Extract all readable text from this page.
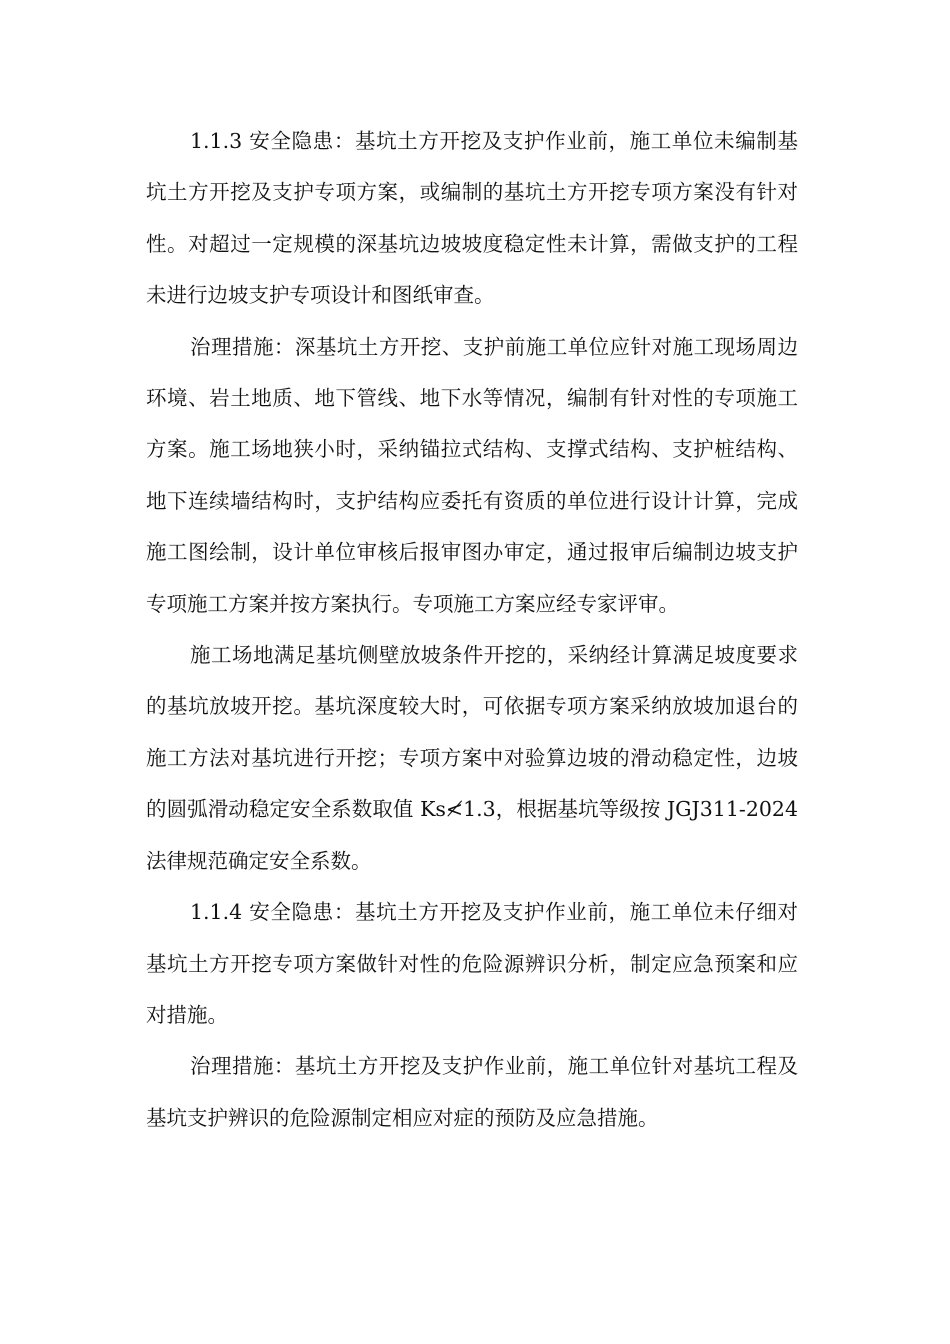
1.1.3 安全隐患：基坑土方开挖及支护作业前，施工单位未编制基坑土方开挖及支护专项方案，或编制的基坑土方开挖专项方案没有针对性。对超过一定规模的深基坑边坡坡度稳定性未计算，需做支护的工程未进行边坡支护专项设计和图纸审查。

治理措施：深基坑土方开挖、支护前施工单位应针对施工现场周边环境、岩土地质、地下管线、地下水等情况，编制有针对性的专项施工方案。施工场地狭小时，采纳锚拉式结构、支撑式结构、支护桩结构、地下连续墙结构时，支护结构应委托有资质的单位进行设计计算，完成施工图绘制，设计单位审核后报审图办审定，通过报审后编制边坡支护专项施工方案并按方案执行。专项施工方案应经专家评审。

施工场地满足基坑侧壁放坡条件开挖的，采纳经计算满足坡度要求的基坑放坡开挖。基坑深度较大时，可依据专项方案采纳放坡加退台的施工方法对基坑进行开挖；专项方案中对验算边坡的滑动稳定性，边坡的圆弧滑动稳定安全系数取值 Ks≮1.3，根据基坑等级按 JGJ311-2024 法律规范确定安全系数。

1.1.4 安全隐患：基坑土方开挖及支护作业前，施工单位未仔细对基坑土方开挖专项方案做针对性的危险源辨识分析，制定应急预案和应对措施。

治理措施：基坑土方开挖及支护作业前，施工单位针对基坑工程及基坑支护辨识的危险源制定相应对症的预防及应急措施。
